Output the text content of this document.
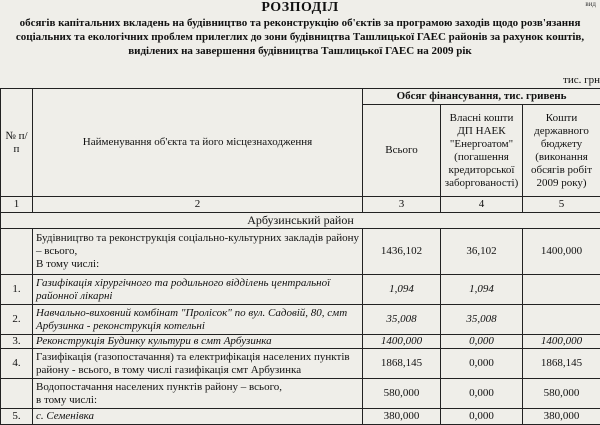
вид
РОЗПОДІЛ
обсягів капітальних вкладень на будівництво та реконструкцію об'єктів за програмою заходів щодо розв'язання соціальних та екологічних проблем прилеглих до зони будівництва Ташлицької ГАЕС районів за рахунок коштів, виділених на завершення будівництва Ташлицької ГАЕС на 2009 рік
тис. грн
№ п/п	Найменування об'єкта та його місцезнаходження	Обсяг фінансування, тис. гривень		
		Всього	Власні кошти ДП НАЕК "Енергоатом" (погашення кредиторської заборгованості)	Кошти державного бюджету (виконання обсягів робіт 2009 року)
1	2	3	4	5
Арбузинський район				

	Будівництво та реконструкція соціально-культурних закладів району – всього,
В тому числі:	1436,102	36,102	1400,000
1.	Газифікація хірургічного та родильного відділень центральної районної лікарні	1,094	1,094	
2.	Навчально-виховний комбінат "Пролісок" по вул. Садовій, 80, смт Арбузинка - реконструкція котельні	35,008	35,008	
3.	Реконструкція Будинку культури в смт Арбузинка	1400,000	0,000	1400,000
4.	Газифікація (газопостачання) та електрифікація населених пунктів району - всього, в тому числі газифікація смт Арбузинка	1868,145	0,000	1868,145

	Водопостачання населених пунктів району – всього,
в тому числі:	580,000	0,000	580,000
5.	с. Семенівка	380,000	0,000	380,000
